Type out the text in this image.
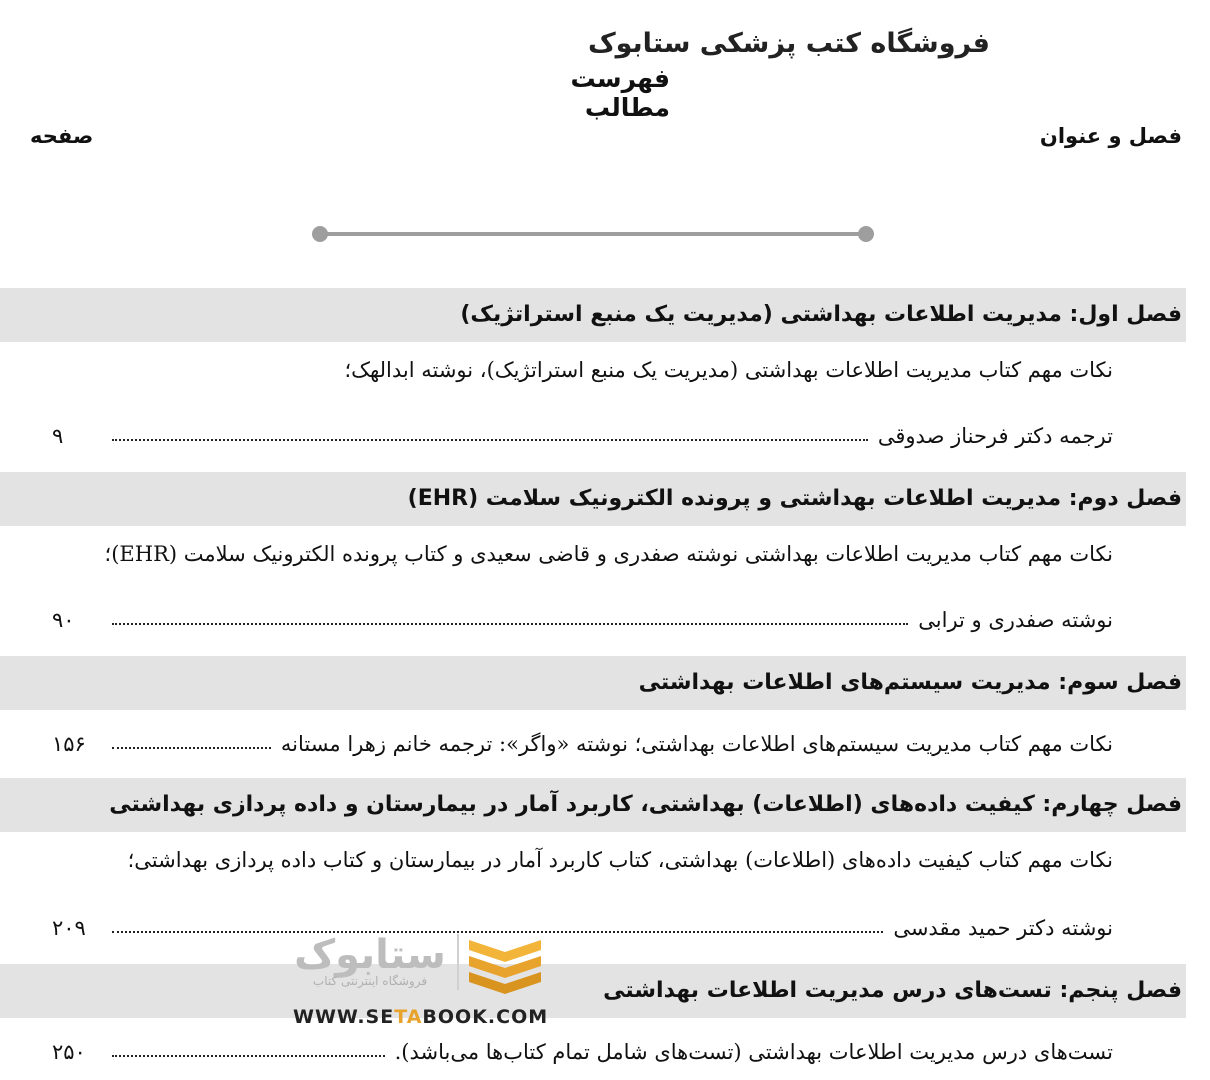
فروشگاه کتب پزشکی ستابوک
فهرست مطالب
صفحه	فصل و عنوان
فصل اول: مدیریت اطلاعات بهداشتی (مدیریت یک منبع استراتژیک)
نکات مهم کتاب مدیریت اطلاعات بهداشتی (مدیریت یک منبع استراتژیک)، نوشته ابدالهک؛
ترجمه دکتر فرحناز صدوقی
۹
فصل دوم: مدیریت اطلاعات بهداشتی و پرونده الکترونیک سلامت (EHR)
نکات مهم کتاب مدیریت اطلاعات بهداشتی نوشته صفدری و قاضی سعیدی و کتاب پرونده الکترونیک سلامت (EHR)؛
نوشته صفدری و ترابی
۹۰
فصل سوم: مدیریت سیستم‌های اطلاعات بهداشتی
نکات مهم کتاب مدیریت سیستم‌های اطلاعات بهداشتی؛ نوشته «واگر»: ترجمه خانم زهرا مستانه
۱۵۶
فصل چهارم: کیفیت داده‌های (اطلاعات) بهداشتی، کاربرد آمار در بیمارستان و داده پردازی بهداشتی
نکات مهم کتاب کیفیت داده‌های (اطلاعات) بهداشتی، کتاب کاربرد آمار در بیمارستان و کتاب داده پردازی بهداشتی؛
نوشته دکتر حمید مقدسی
۲۰۹
فصل پنجم: تست‌های درس مدیریت اطلاعات بهداشتی
تست‌های درس مدیریت اطلاعات بهداشتی (تست‌های شامل تمام کتاب‌ها می‌باشد).
۲۵۰
ستابوک
فروشگاه اینترنتی کتاب
WWW.SETABOOK.COM
